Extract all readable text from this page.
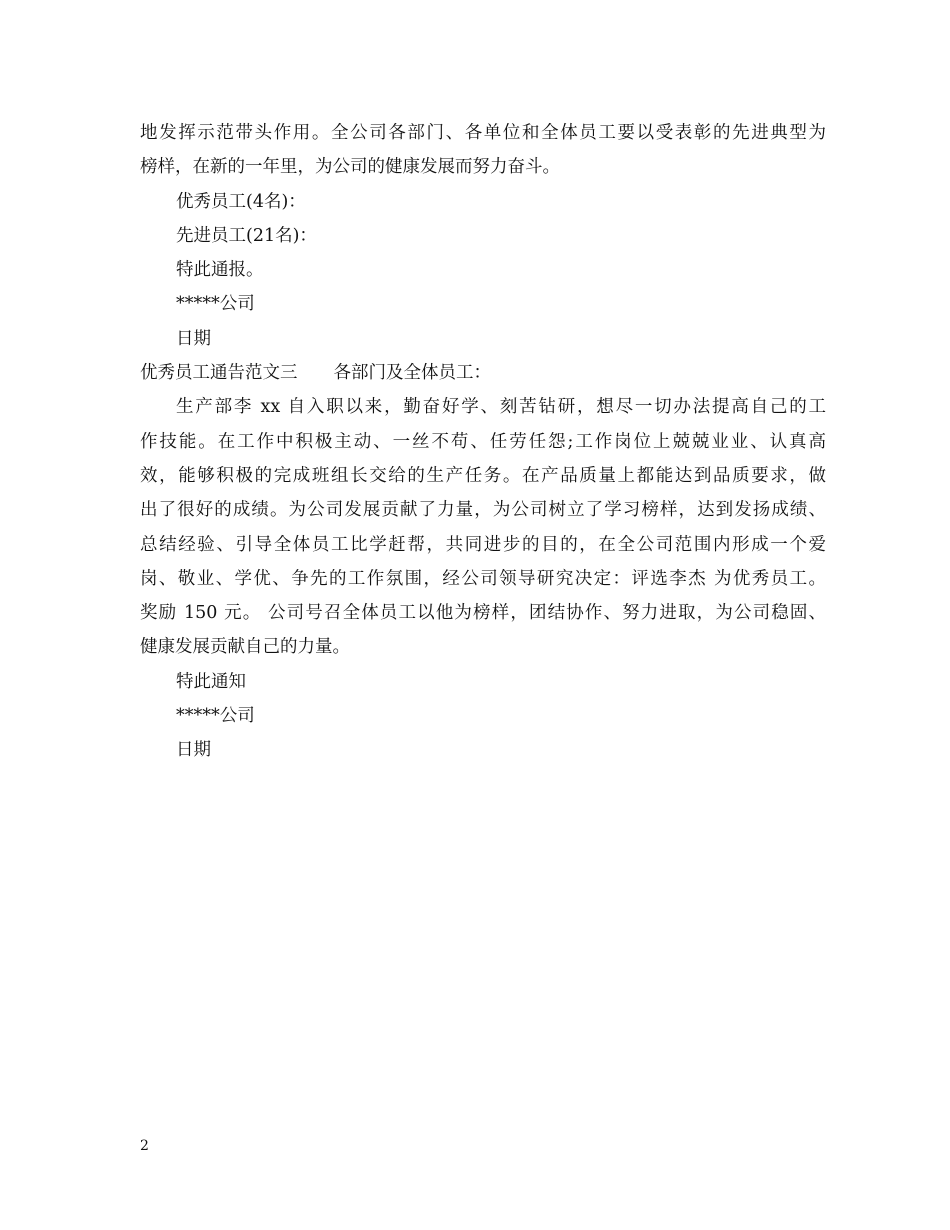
地发挥示范带头作用。全公司各部门、各单位和全体员工要以受表彰的先进典型为
榜样，在新的一年里，为公司的健康发展而努力奋斗。
优秀员工(4名)：
先进员工(21名)：
特此通报。
*****公司
日期
优秀员工通告范文三 各部门及全体员工：
生产部李 xx 自入职以来，勤奋好学、刻苦钻研，想尽一切办法提高自己的工
作技能。在工作中积极主动、一丝不苟、任劳任怨;工作岗位上兢兢业业、认真高
效，能够积极的完成班组长交给的生产任务。在产品质量上都能达到品质要求，做
出了很好的成绩。为公司发展贡献了力量，为公司树立了学习榜样，达到发扬成绩、
总结经验、引导全体员工比学赶帮，共同进步的目的，在全公司范围内形成一个爱
岗、敬业、学优、争先的工作氛围，经公司领导研究决定：评选李杰 为优秀员工。
奖励 150 元。 公司号召全体员工以他为榜样，团结协作、努力进取，为公司稳固、
健康发展贡献自己的力量。
特此通知
*****公司
日期
2
